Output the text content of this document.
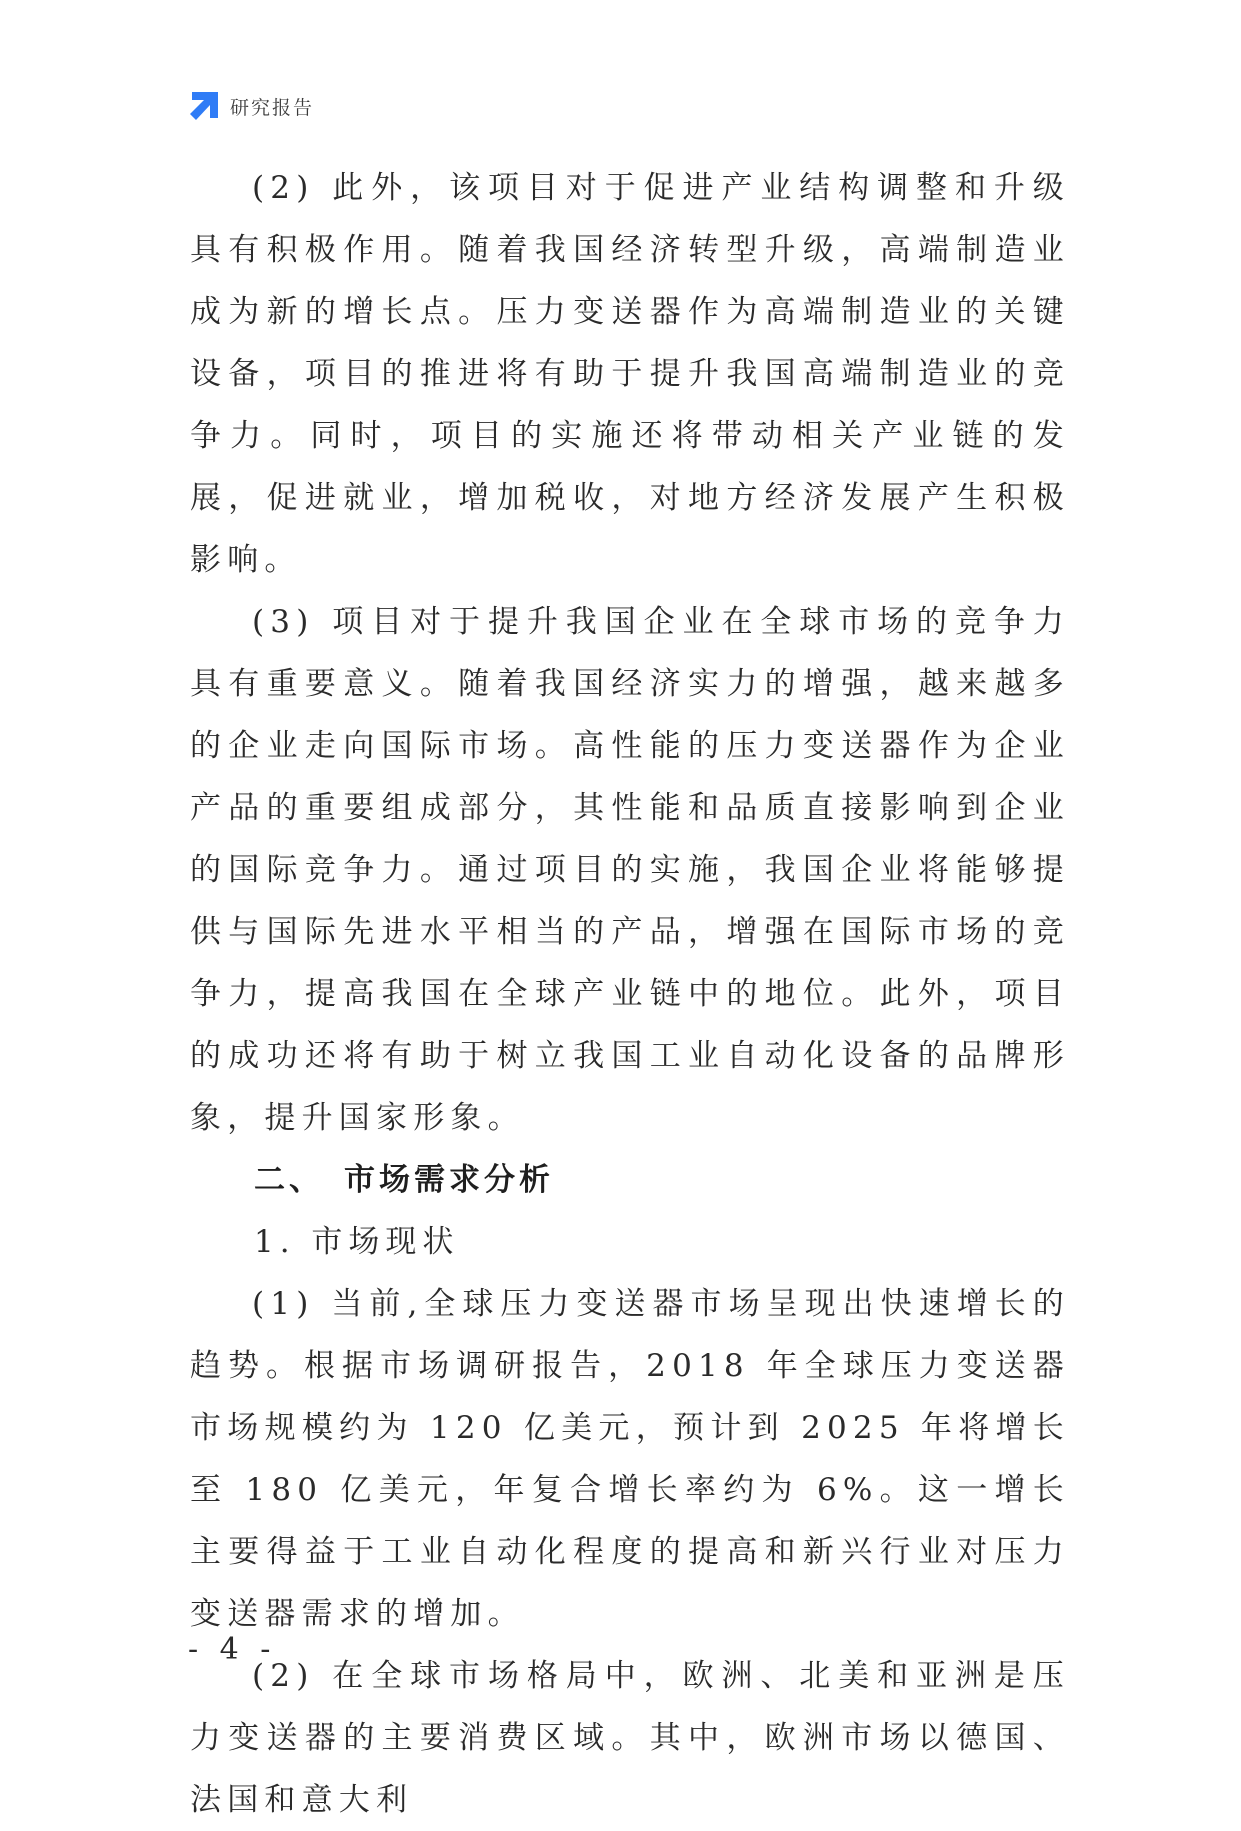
研究报告

(2) 此外，该项目对于促进产业结构调整和升级具有积极作用。随着我国经济转型升级，高端制造业成为新的增长点。压力变送器作为高端制造业的关键设备，项目的推进将有助于提升我国高端制造业的竞争力。同时，项目的实施还将带动相关产业链的发展，促进就业，增加税收，对地方经济发展产生积极影响。

(3) 项目对于提升我国企业在全球市场的竞争力具有重要意义。随着我国经济实力的增强，越来越多的企业走向国际市场。高性能的压力变送器作为企业产品的重要组成部分，其性能和品质直接影响到企业的国际竞争力。通过项目的实施，我国企业将能够提供与国际先进水平相当的产品，增强在国际市场的竞争力，提高我国在全球产业链中的地位。此外，项目的成功还将有助于树立我国工业自动化设备的品牌形象，提升国家形象。

二、 市场需求分析

1. 市场现状

(1) 当前,全球压力变送器市场呈现出快速增长的趋势。根据市场调研报告，2018 年全球压力变送器市场规模约为 120 亿美元，预计到 2025 年将增长至 180 亿美元，年复合增长率约为 6%。这一增长主要得益于工业自动化程度的提高和新兴行业对压力变送器需求的增加。

(2) 在全球市场格局中，欧洲、北美和亚洲是压力变送器的主要消费区域。其中，欧洲市场以德国、法国和意大利

- 4 -
